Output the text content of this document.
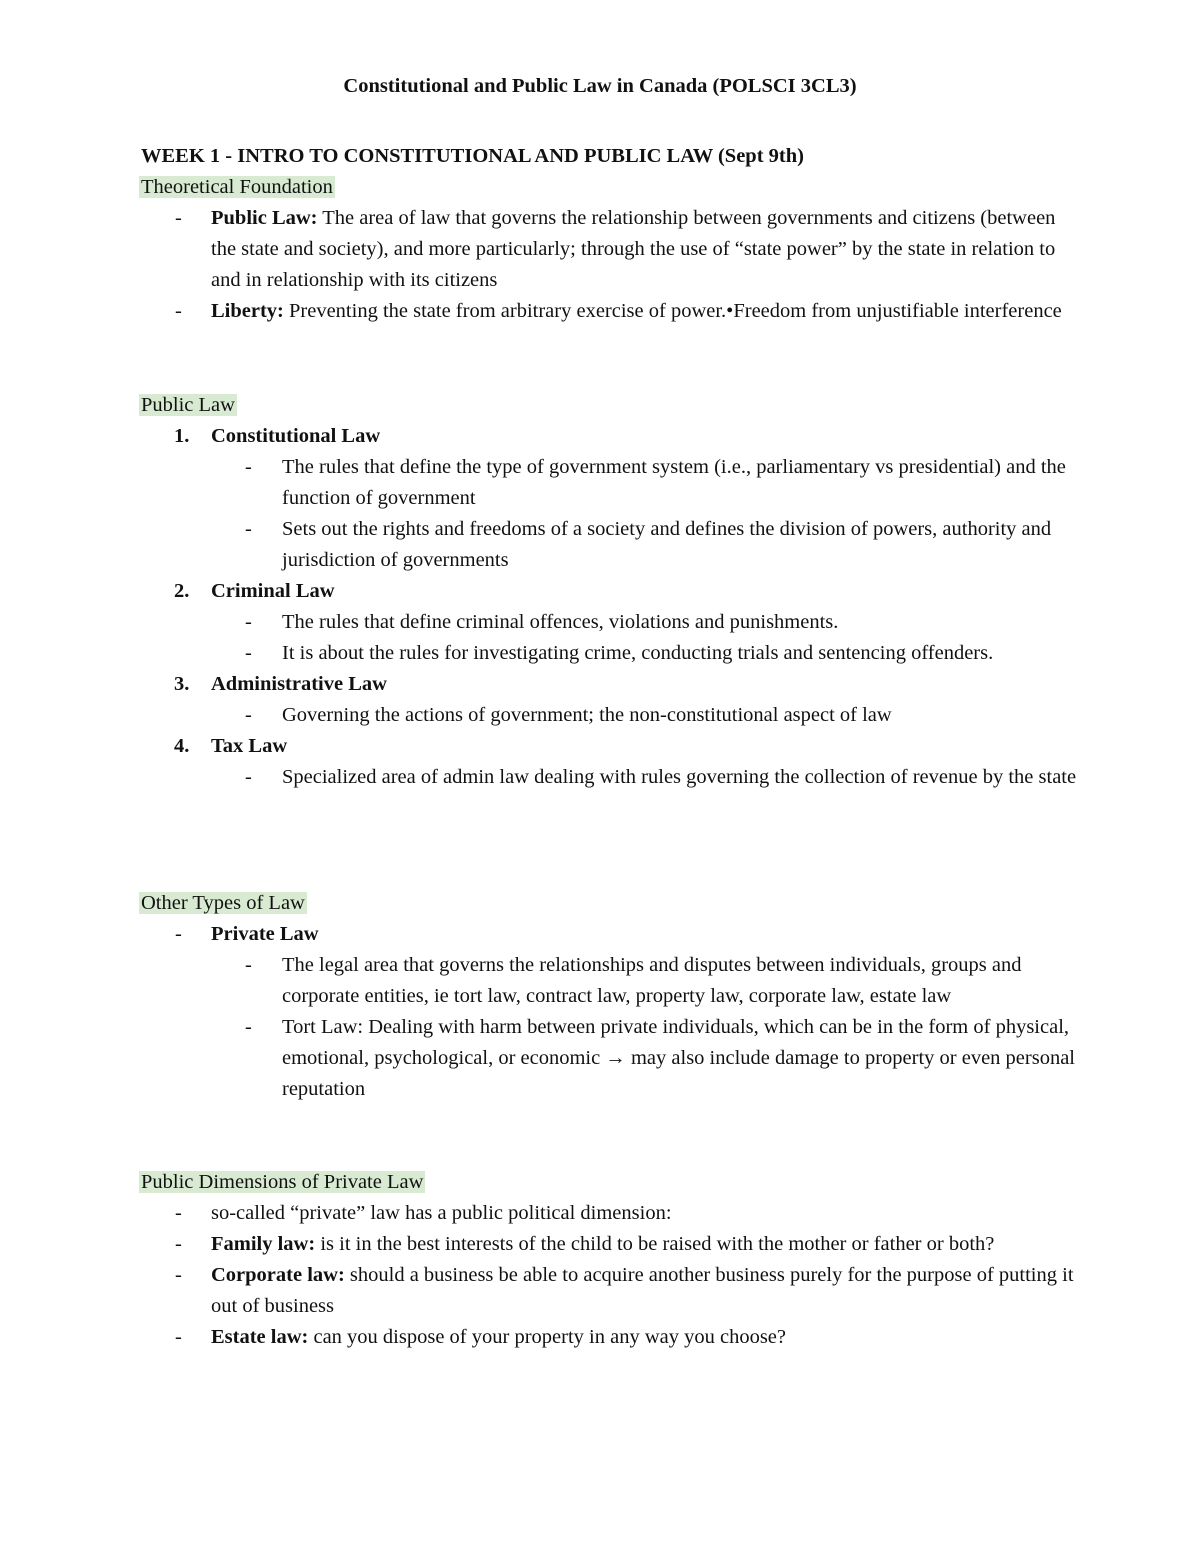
Constitutional and Public Law in Canada (POLSCI 3CL3)
WEEK 1 - INTRO TO CONSTITUTIONAL AND PUBLIC LAW (Sept 9th)
Theoretical Foundation
- Public Law: The area of law that governs the relationship between governments and citizens (between the state and society), and more particularly; through the use of “state power” by the state in relation to and in relationship with its citizens
- Liberty: Preventing the state from arbitrary exercise of power.•Freedom from unjustifiable interference
Public Law
1. Constitutional Law
- The rules that define the type of government system (i.e., parliamentary vs presidential) and the function of government
- Sets out the rights and freedoms of a society and defines the division of powers, authority and jurisdiction of governments
2. Criminal Law
- The rules that define criminal offences, violations and punishments.
- It is about the rules for investigating crime, conducting trials and sentencing offenders.
3. Administrative Law
- Governing the actions of government; the non-constitutional aspect of law
4. Tax Law
- Specialized area of admin law dealing with rules governing the collection of revenue by the state
Other Types of Law
- Private Law
- The legal area that governs the relationships and disputes between individuals, groups and corporate entities, ie tort law, contract law, property law, corporate law, estate law
- Tort Law: Dealing with harm between private individuals, which can be in the form of physical, emotional, psychological, or economic → may also include damage to property or even personal reputation
Public Dimensions of Private Law
- so-called “private” law has a public political dimension:
- Family law: is it in the best interests of the child to be raised with the mother or father or both?
- Corporate law: should a business be able to acquire another business purely for the purpose of putting it out of business
- Estate law: can you dispose of your property in any way you choose?
